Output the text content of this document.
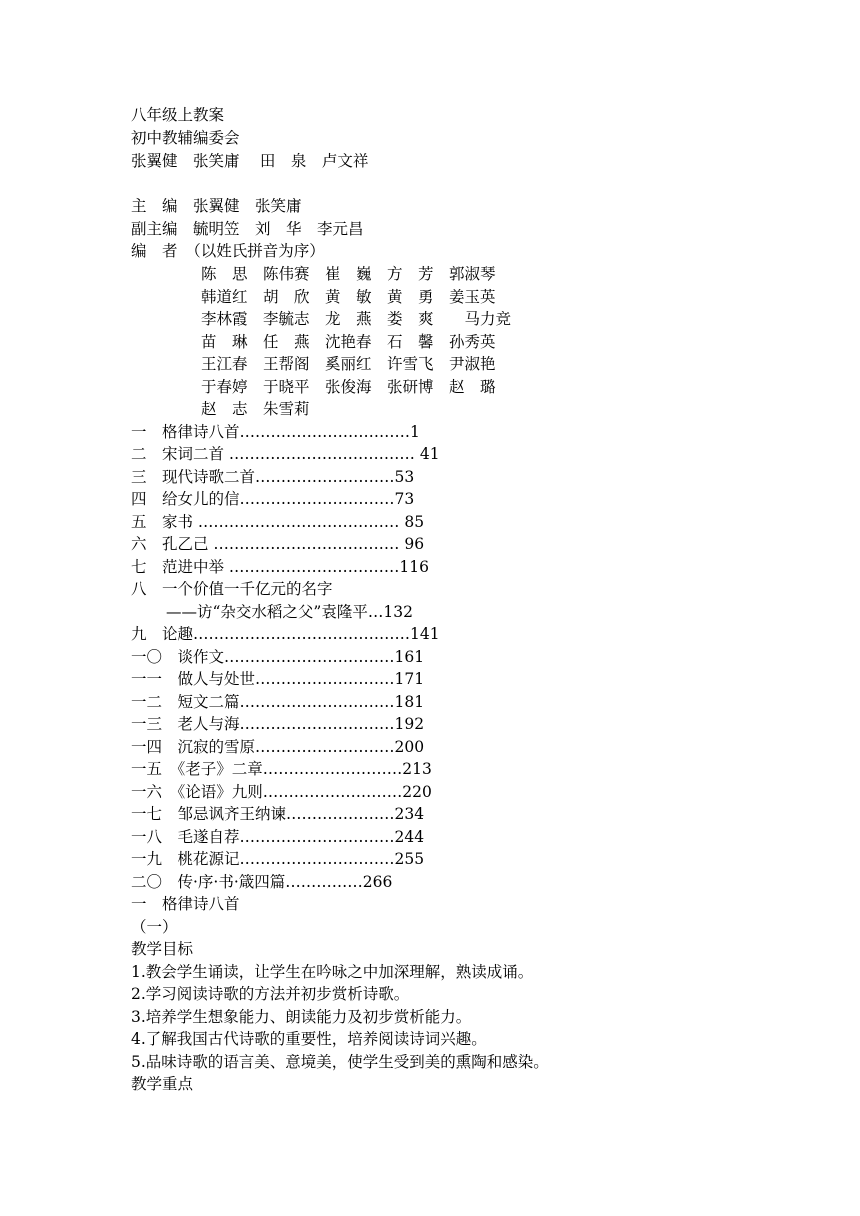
八年级上教案
初中教辅编委会
张翼健　张笑庸　 田　泉　卢文祥
主　编　张翼健　张笑庸
副主编　毓明笠　刘　华　李元昌
编　者　（以姓氏拼音为序）
陈　思　陈伟赛　崔　巍　方　芳　郭淑琴
韩道红　胡　欣　黄　敏　黄　勇　姜玉英
李林霞　李毓志　龙　燕　娄　爽　　马力竞
苗　琳　任　燕　沈艳春　石　馨　孙秀英
王江春　王帮阁　奚丽红　许雪飞　尹淑艳
于春婷　于晓平　张俊海　张研博　赵　璐
赵　志　朱雪莉
一　格律诗八首……………………………1
二　宋词二首 ……………………………… 41
三　现代诗歌二首………………………53
四　给女儿的信…………………………73
五　家书 ………………………………… 85
六　孔乙己 ……………………………… 96
七　范进中举 ……………………………116
八　一个价值一千亿元的名字
——访“杂交水稻之父”袁隆平…132
九　论趣……………………………………141
一〇　谈作文……………………………161
一一　做人与处世………………………171
一二　短文二篇…………………………181
一三　老人与海…………………………192
一四　沉寂的雪原………………………200
一五　《老子》二章………………………213
一六　《论语》九则………………………220
一七　邹忌讽齐王纳谏…………………234
一八　毛遂自荐…………………………244
一九　桃花源记…………………………255
二〇　传·序·书·箴四篇……………266
一　格律诗八首
（一）
教学目标
1.教会学生诵读，让学生在吟咏之中加深理解，熟读成诵。
2.学习阅读诗歌的方法并初步赏析诗歌。
3.培养学生想象能力、朗读能力及初步赏析能力。
4.了解我国古代诗歌的重要性，培养阅读诗词兴趣。
5.品味诗歌的语言美、意境美，使学生受到美的熏陶和感染。
教学重点
